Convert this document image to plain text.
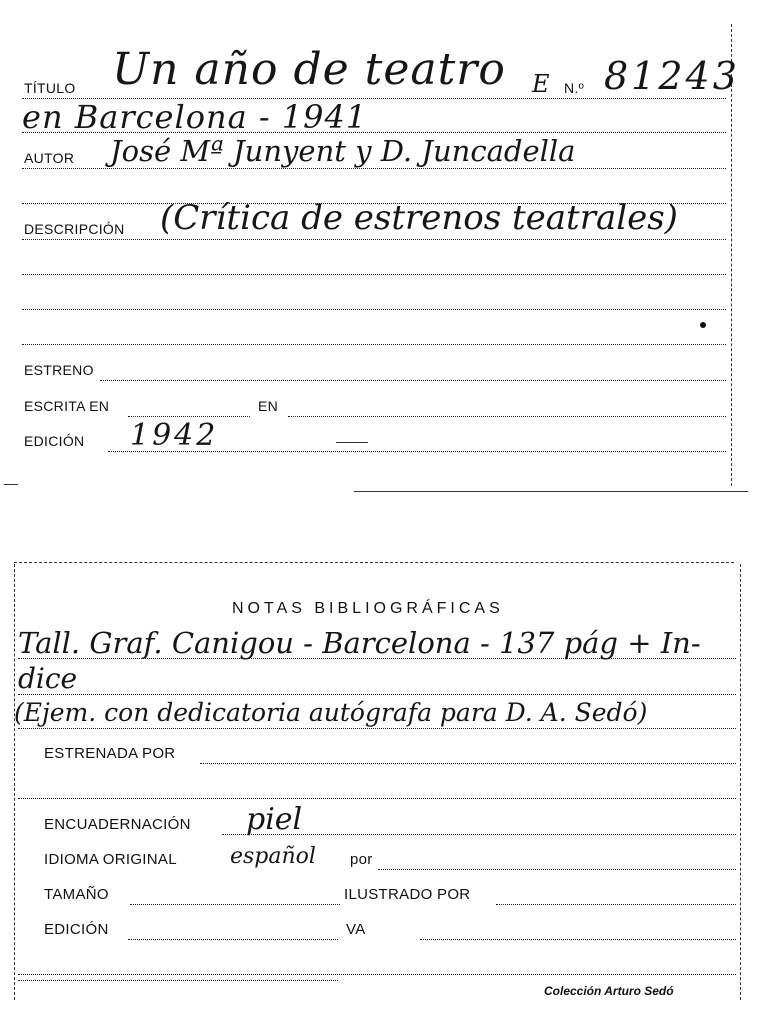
TÍTULO Un año de teatro E N.º 81243
en Barcelona - 1941
AUTOR José Mª Junyent y D. Juncadella
DESCRIPCIÓN (Crítica de estrenos teatrales)
ESTRENO
ESCRITA EN	EN
EDICIÓN 1942
NOTAS BIBLIOGRÁFICAS
Tall. Graf. Canigou - Barcelona - 137 pág + In-
dice
(Ejem. con dedicatoria autógrafa para D. A. Sedó)
ESTRENADA POR
ENCUADERNACIÓN piel
IDIOMA ORIGINAL español por
TAMAÑO	ILUSTRADO POR
EDICIÓN	VA
Colección Arturo Sedó
